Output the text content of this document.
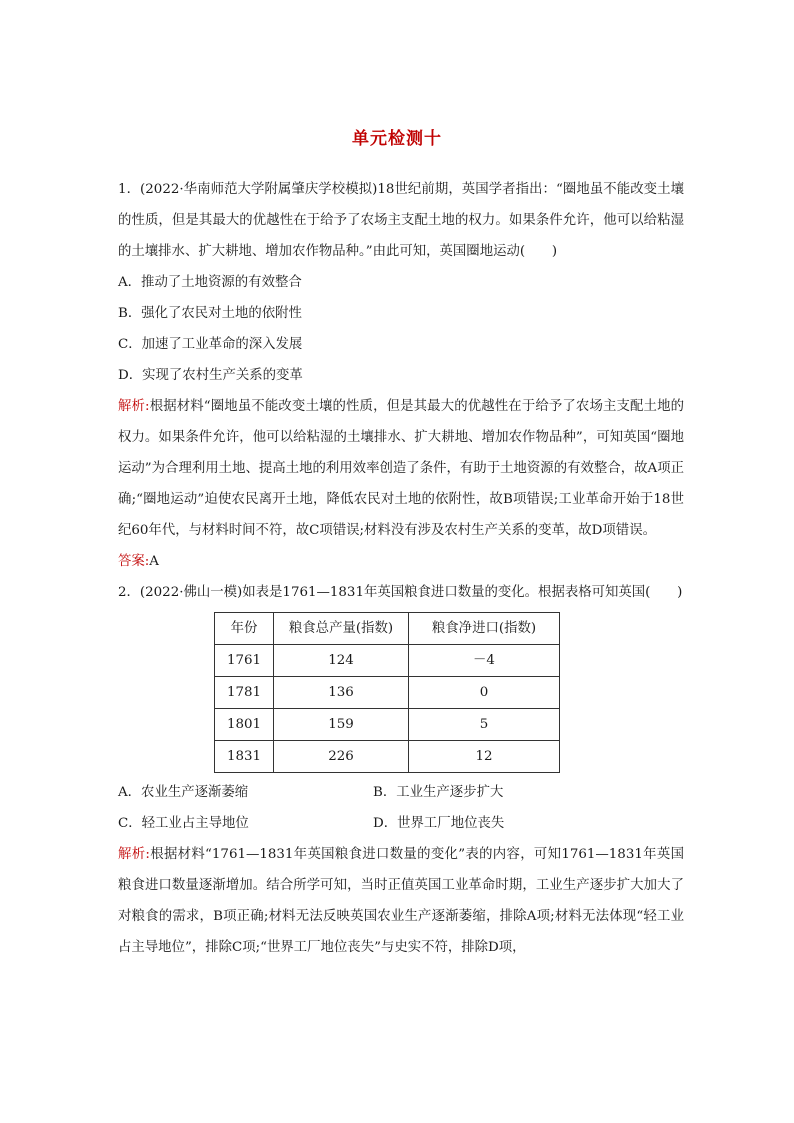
单元检测十

1．(2022·华南师范大学附属肇庆学校模拟)18世纪前期，英国学者指出：“圈地虽不能改变土壤的性质，但是其最大的优越性在于给予了农场主支配土地的权力。如果条件允许，他可以给粘湿的土壤排水、扩大耕地、增加农作物品种。”由此可知，英国圈地运动(　　)

A．推动了土地资源的有效整合

B．强化了农民对土地的依附性

C．加速了工业革命的深入发展

D．实现了农村生产关系的变革

解析:根据材料“圈地虽不能改变土壤的性质，但是其最大的优越性在于给予了农场主支配土地的权力。如果条件允许，他可以给粘湿的土壤排水、扩大耕地、增加农作物品种”，可知英国“圈地运动”为合理利用土地、提高土地的利用效率创造了条件，有助于土地资源的有效整合，故A项正确;“圈地运动”迫使农民离开土地，降低农民对土地的依附性，故B项错误;工业革命开始于18世纪60年代，与材料时间不符，故C项错误;材料没有涉及农村生产关系的变革，故D项错误。

答案:A

2．(2022·佛山一模)如表是1761—1831年英国粮食进口数量的变化。根据表格可知英国(　　)

年份	粮食总产量(指数)	粮食净进口(指数)
1761	124	－4
1781	136	0
1801	159	5
1831	226	12
A．农业生产逐渐萎缩	B．工业生产逐步扩大
C．轻工业占主导地位	D．世界工厂地位丧失

解析:根据材料“1761—1831年英国粮食进口数量的变化”表的内容，可知1761—1831年英国粮食进口数量逐渐增加。结合所学可知，当时正值英国工业革命时期，工业生产逐步扩大加大了对粮食的需求，B项正确;材料无法反映英国农业生产逐渐萎缩，排除A项;材料无法体现“轻工业占主导地位”，排除C项;“世界工厂地位丧失”与史实不符，排除D项，
